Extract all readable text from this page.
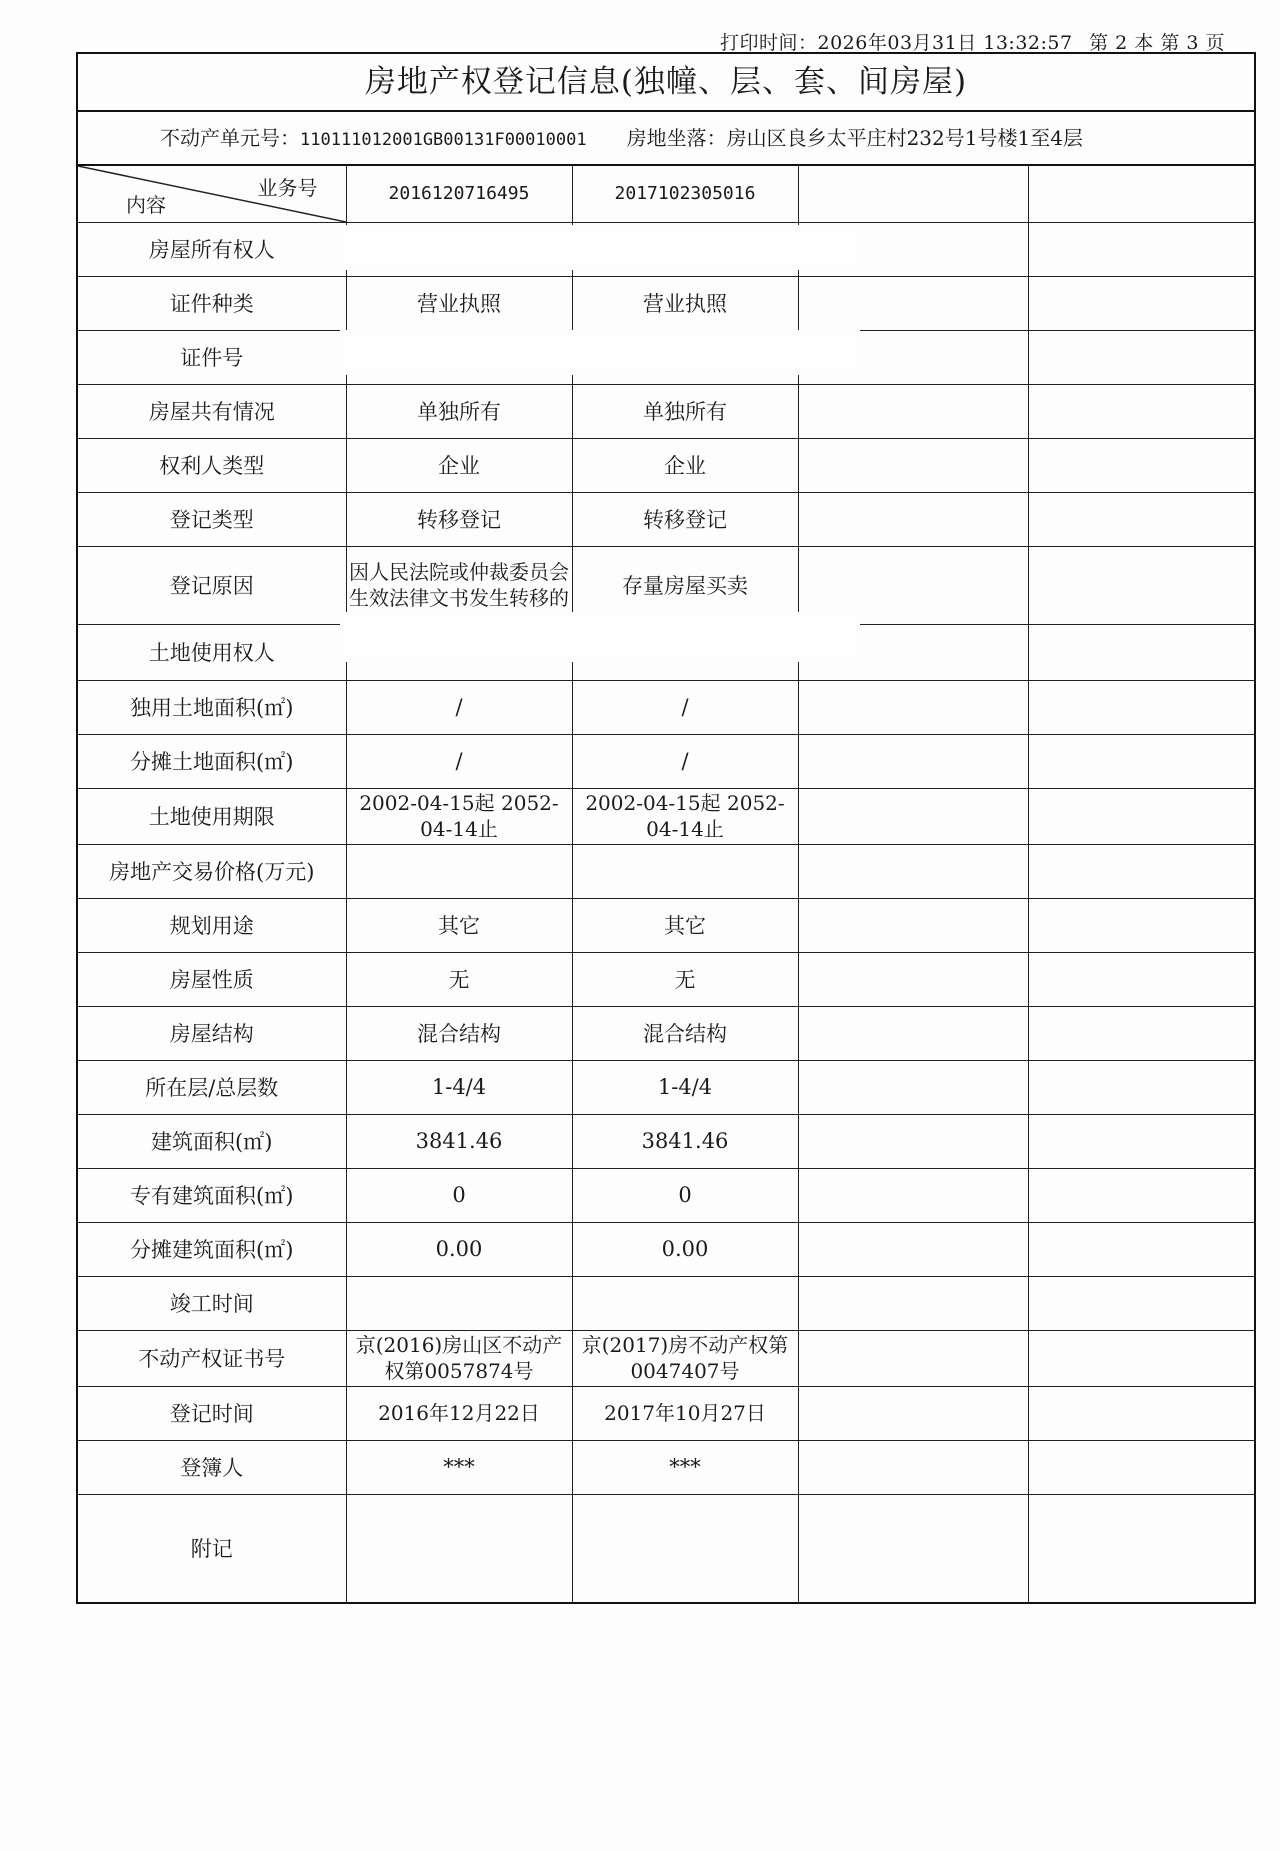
打印时间：2026年03月31日 13:32:57 第 2 本 第 3 页
房地产权登记信息(独幢、层、套、间房屋)
不动产单元号：110111012001GB00131F00010001 房地坐落：房山区良乡太平庄村232号1号楼1至4层
业务号
内容	2016120716495	2017102305016		
房屋所有权人				
证件种类	营业执照	营业执照		
证件号				
房屋共有情况	单独所有	单独所有		
权利人类型	企业	企业		
登记类型	转移登记	转移登记		
登记原因	因人民法院或仲裁委员会生效法律文书发生转移的	存量房屋买卖		
土地使用权人				
独用土地面积(㎡)	/	/		
分摊土地面积(㎡)	/	/		
土地使用期限	2002-04-15起 2052-04-14止	2002-04-15起 2052-04-14止		
房地产交易价格(万元)				
规划用途	其它	其它		
房屋性质	无	无		
房屋结构	混合结构	混合结构		
所在层/总层数	1-4/4	1-4/4		
建筑面积(㎡)	3841.46	3841.46		
专有建筑面积(㎡)	0	0		
分摊建筑面积(㎡)	0.00	0.00		
竣工时间				
不动产权证书号	京(2016)房山区不动产权第0057874号	京(2017)房不动产权第0047407号		
登记时间	2016年12月22日	2017年10月27日		
登簿人	***	***		
附记				
